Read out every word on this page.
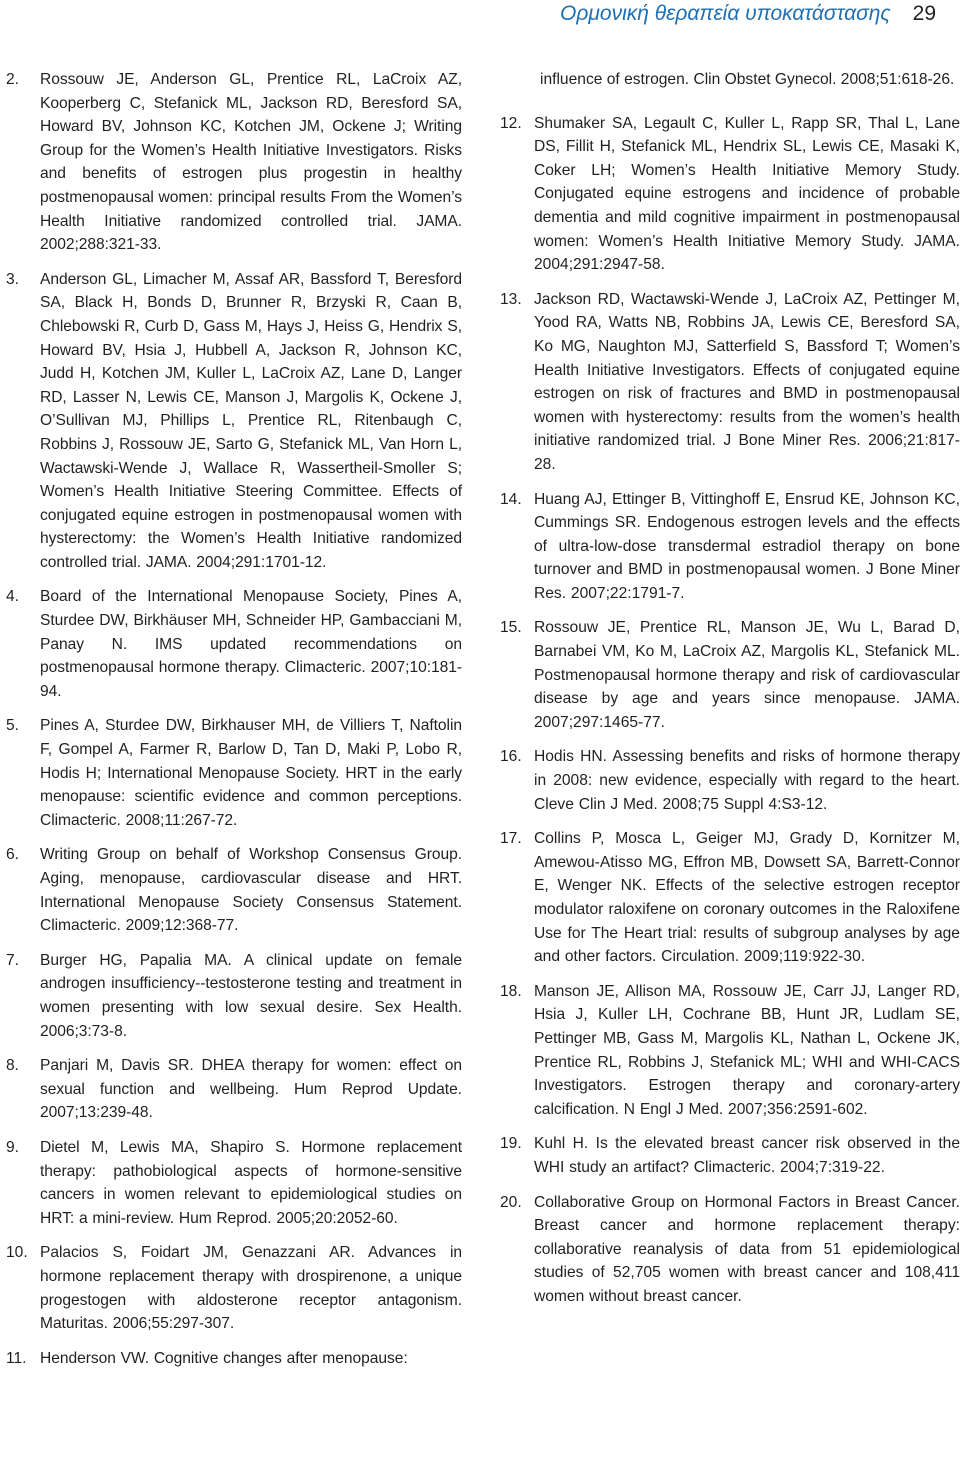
Ορμονική θεραπεία υποκατάστασης 29
2.	Rossouw JE, Anderson GL, Prentice RL, LaCroix AZ, Kooperberg C, Stefanick ML, Jackson RD, Beresford SA, Howard BV, Johnson KC, Kotchen JM, Ockene J; Writing Group for the Women’s Health Initiative Investigators. Risks and benefits of estrogen plus progestin in healthy postmenopausal women: principal results From the Women’s Health Initiative randomized controlled trial. JAMA. 2002;288:321-33.
3.	Anderson GL, Limacher M, Assaf AR, Bassford T, Beresford SA, Black H, Bonds D, Brunner R, Brzyski R, Caan B, Chlebowski R, Curb D, Gass M, Hays J, Heiss G, Hendrix S, Howard BV, Hsia J, Hubbell A, Jackson R, Johnson KC, Judd H, Kotchen JM, Kuller L, LaCroix AZ, Lane D, Langer RD, Lasser N, Lewis CE, Manson J, Margolis K, Ockene J, O’Sullivan MJ, Phillips L, Prentice RL, Ritenbaugh C, Robbins J, Rossouw JE, Sarto G, Stefanick ML, Van Horn L, Wactawski-Wende J, Wallace R, Wassertheil-Smoller S; Women’s Health Initiative Steering Committee. Effects of conjugated equine estrogen in postmenopausal women with hysterectomy: the Women’s Health Initiative randomized controlled trial. JAMA. 2004;291:1701-12.
4.	Board of the International Menopause Society, Pines A, Sturdee DW, Birkhäuser MH, Schneider HP, Gambacciani M, Panay N. IMS updated recommendations on postmenopausal hormone therapy. Climacteric. 2007;10:181-94.
5.	Pines A, Sturdee DW, Birkhauser MH, de Villiers T, Naftolin F, Gompel A, Farmer R, Barlow D, Tan D, Maki P, Lobo R, Hodis H; International Menopause Society. HRT in the early menopause: scientific evidence and common perceptions. Climacteric. 2008;11:267-72.
6.	Writing Group on behalf of Workshop Consensus Group. Aging, menopause, cardiovascular disease and HRT. International Menopause Society Consensus Statement. Climacteric. 2009;12:368-77.
7.	Burger HG, Papalia MA. A clinical update on female androgen insufficiency--testosterone testing and treatment in women presenting with low sexual desire. Sex Health. 2006;3:73-8.
8.	Panjari M, Davis SR. DHEA therapy for women: effect on sexual function and wellbeing. Hum Reprod Update. 2007;13:239-48.
9.	Dietel M, Lewis MA, Shapiro S. Hormone replacement therapy: pathobiological aspects of hormone-sensitive cancers in women relevant to epidemiological studies on HRT: a mini-review. Hum Reprod. 2005;20:2052-60.
10. Palacios S, Foidart JM, Genazzani AR. Advances in hormone replacement therapy with drospirenone, a unique progestogen with aldosterone receptor antagonism. Maturitas. 2006;55:297-307.
11. Henderson VW. Cognitive changes after menopause:

influence of estrogen. Clin Obstet Gynecol. 2008;51:618-26.

12. Shumaker SA, Legault C, Kuller L, Rapp SR, Thal L, Lane DS, Fillit H, Stefanick ML, Hendrix SL, Lewis CE, Masaki K, Coker LH; Women’s Health Initiative Memory Study. Conjugated equine estrogens and incidence of probable dementia and mild cognitive impairment in postmenopausal women: Women’s Health Initiative Memory Study. JAMA. 2004;291:2947-58.
13. Jackson RD, Wactawski-Wende J, LaCroix AZ, Pettinger M, Yood RA, Watts NB, Robbins JA, Lewis CE, Beresford SA, Ko MG, Naughton MJ, Satterfield S, Bassford T; Women’s Health Initiative Investigators. Effects of conjugated equine estrogen on risk of fractures and BMD in postmenopausal women with hysterectomy: results from the women’s health initiative randomized trial. J Bone Miner Res. 2006;21:817-28.
14. Huang AJ, Ettinger B, Vittinghoff E, Ensrud KE, Johnson KC, Cummings SR. Endogenous estrogen levels and the effects of ultra-low-dose transdermal estradiol therapy on bone turnover and BMD in postmenopausal women. J Bone Miner Res. 2007;22:1791-7.
15. Rossouw JE, Prentice RL, Manson JE, Wu L, Barad D, Barnabei VM, Ko M, LaCroix AZ, Margolis KL, Stefanick ML. Postmenopausal hormone therapy and risk of cardiovascular disease by age and years since menopause. JAMA. 2007;297:1465-77.
16. Hodis HN. Assessing benefits and risks of hormone therapy in 2008: new evidence, especially with regard to the heart. Cleve Clin J Med. 2008;75 Suppl 4:S3-12.
17. Collins P, Mosca L, Geiger MJ, Grady D, Kornitzer M, Amewou-Atisso MG, Effron MB, Dowsett SA, Barrett-Connor E, Wenger NK. Effects of the selective estrogen receptor modulator raloxifene on coronary outcomes in the Raloxifene Use for The Heart trial: results of subgroup analyses by age and other factors. Circulation. 2009;119:922-30.
18. Manson JE, Allison MA, Rossouw JE, Carr JJ, Langer RD, Hsia J, Kuller LH, Cochrane BB, Hunt JR, Ludlam SE, Pettinger MB, Gass M, Margolis KL, Nathan L, Ockene JK, Prentice RL, Robbins J, Stefanick ML; WHI and WHI-CACS Investigators. Estrogen therapy and coronary-artery calcification. N Engl J Med. 2007;356:2591-602.
19. Kuhl H. Is the elevated breast cancer risk observed in the WHI study an artifact? Climacteric. 2004;7:319-22.
20. Collaborative Group on Hormonal Factors in Breast Cancer. Breast cancer and hormone replacement therapy: collaborative reanalysis of data from 51 epidemiological studies of 52,705 women with breast cancer and 108,411 women without breast cancer.
